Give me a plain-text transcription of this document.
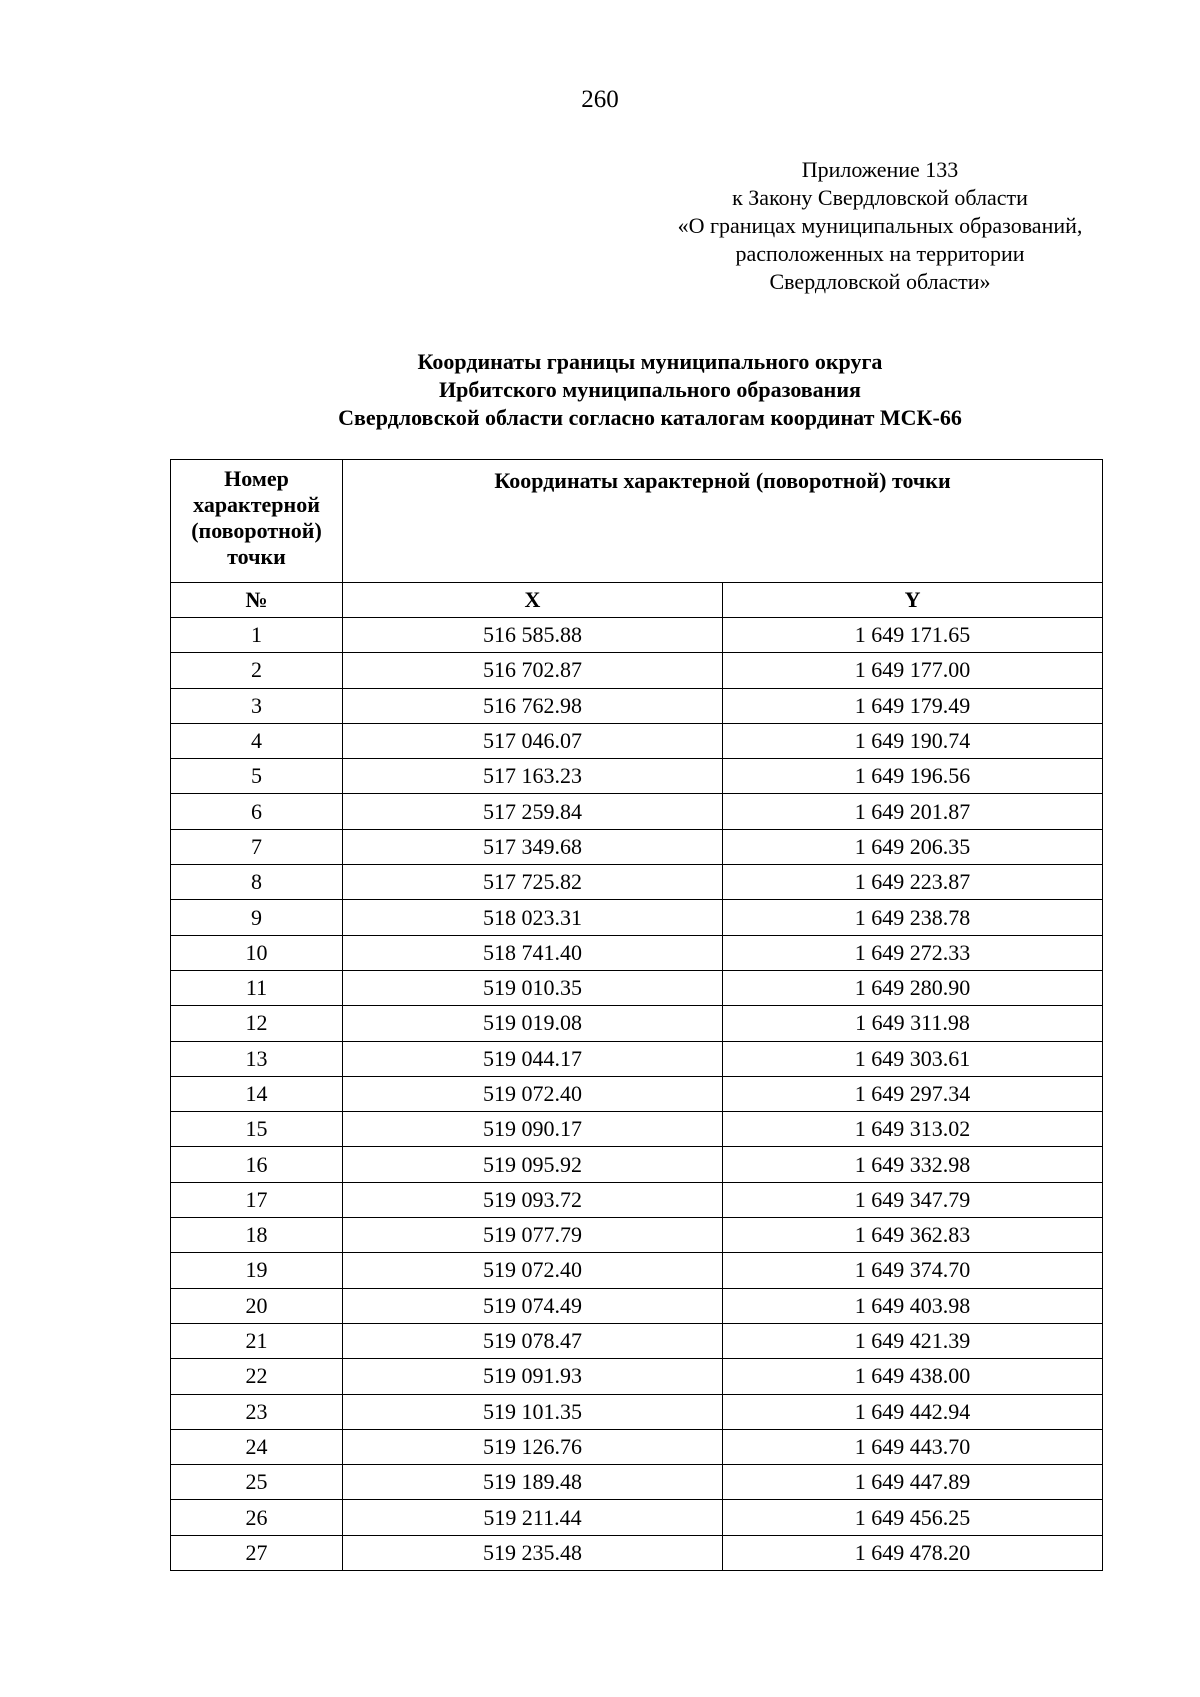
260
Приложение 133
к Закону Свердловской области
«О границах муниципальных образований,
расположенных на территории
Свердловской области»
Координаты границы муниципального округа
Ирбитского муниципального образования
Свердловской области согласно каталогам координат МСК-66
Номер характерной (поворотной) точки	Координаты характерной (поворотной) точки	
№	X	Y
1	516 585.88	1 649 171.65
2	516 702.87	1 649 177.00
3	516 762.98	1 649 179.49
4	517 046.07	1 649 190.74
5	517 163.23	1 649 196.56
6	517 259.84	1 649 201.87
7	517 349.68	1 649 206.35
8	517 725.82	1 649 223.87
9	518 023.31	1 649 238.78
10	518 741.40	1 649 272.33
11	519 010.35	1 649 280.90
12	519 019.08	1 649 311.98
13	519 044.17	1 649 303.61
14	519 072.40	1 649 297.34
15	519 090.17	1 649 313.02
16	519 095.92	1 649 332.98
17	519 093.72	1 649 347.79
18	519 077.79	1 649 362.83
19	519 072.40	1 649 374.70
20	519 074.49	1 649 403.98
21	519 078.47	1 649 421.39
22	519 091.93	1 649 438.00
23	519 101.35	1 649 442.94
24	519 126.76	1 649 443.70
25	519 189.48	1 649 447.89
26	519 211.44	1 649 456.25
27	519 235.48	1 649 478.20
